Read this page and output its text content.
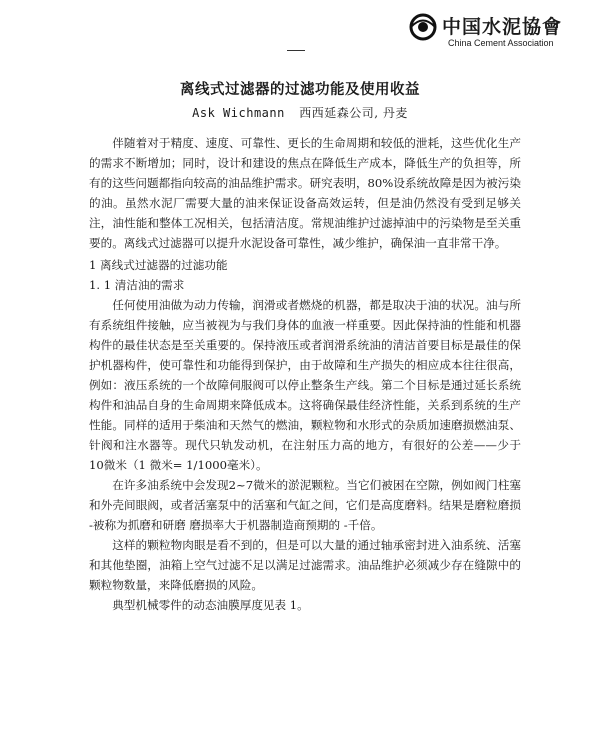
中国水泥協會
China Cement Association
离线式过滤器的过滤功能及使用收益
Ask Wichmann 西西延森公司, 丹麦

伴随着对于精度、速度、可靠性、更长的生命周期和较低的泄耗，这些优化生产的需求不断增加；同时，设计和建设的焦点在降低生产成本，降低生产的负担等，所有的这些问题都指向较高的油品维护需求。研究表明，80%设系统故障是因为被污染的油。虽然水泥厂需要大量的油来保证设备高效运转，但是油仍然没有受到足够关注，油性能和整体工况相关，包括清洁度。常规油维护过滤掉油中的污染物是至关重要的。离线式过滤器可以提升水泥设备可靠性，减少维护，确保油一直非常干净。

1 离线式过滤器的过滤功能
1. 1 清洁油的需求

任何使用油做为动力传输，润滑或者燃烧的机器，都是取决于油的状况。油与所有系统组件接触，应当被视为与我们身体的血液一样重要。因此保持油的性能和机器构件的最佳状态是至关重要的。保持液压或者润滑系统油的清洁首要目标是最佳的保护机器构件，使可靠性和功能得到保护，由于故障和生产损失的相应成本往往很高，例如：液压系统的一个故障伺服阀可以停止整条生产线。第二个目标是通过延长系统构件和油品自身的生命周期来降低成本。这将确保最佳经济性能，关系到系统的生产性能。同样的适用于柴油和天然气的燃油，颗粒物和水形式的杂质加速磨损燃油泵、针阀和注水器等。现代只轨发动机，在注射压力高的地方，有很好的公差——少于10微米（1 微米= 1/1000毫米）。

在许多油系统中会发现2~7微米的淤泥颗粒。当它们被困在空隙，例如阀门柱塞和外壳间眼阀，或者活塞泵中的活塞和气缸之间，它们是高度磨料。结果是磨粒磨损 -被称为抓磨和研磨 磨损率大于机器制造商预期的 -千倍。

这样的颗粒物肉眼是看不到的，但是可以大量的通过轴承密封进入油系统、活塞和其他垫圈，油箱上空气过滤不足以满足过滤需求。油品维护必须减少存在缝隙中的颗粒物数量，来降低磨损的风险。

典型机械零件的动态油膜厚度见表 1。
